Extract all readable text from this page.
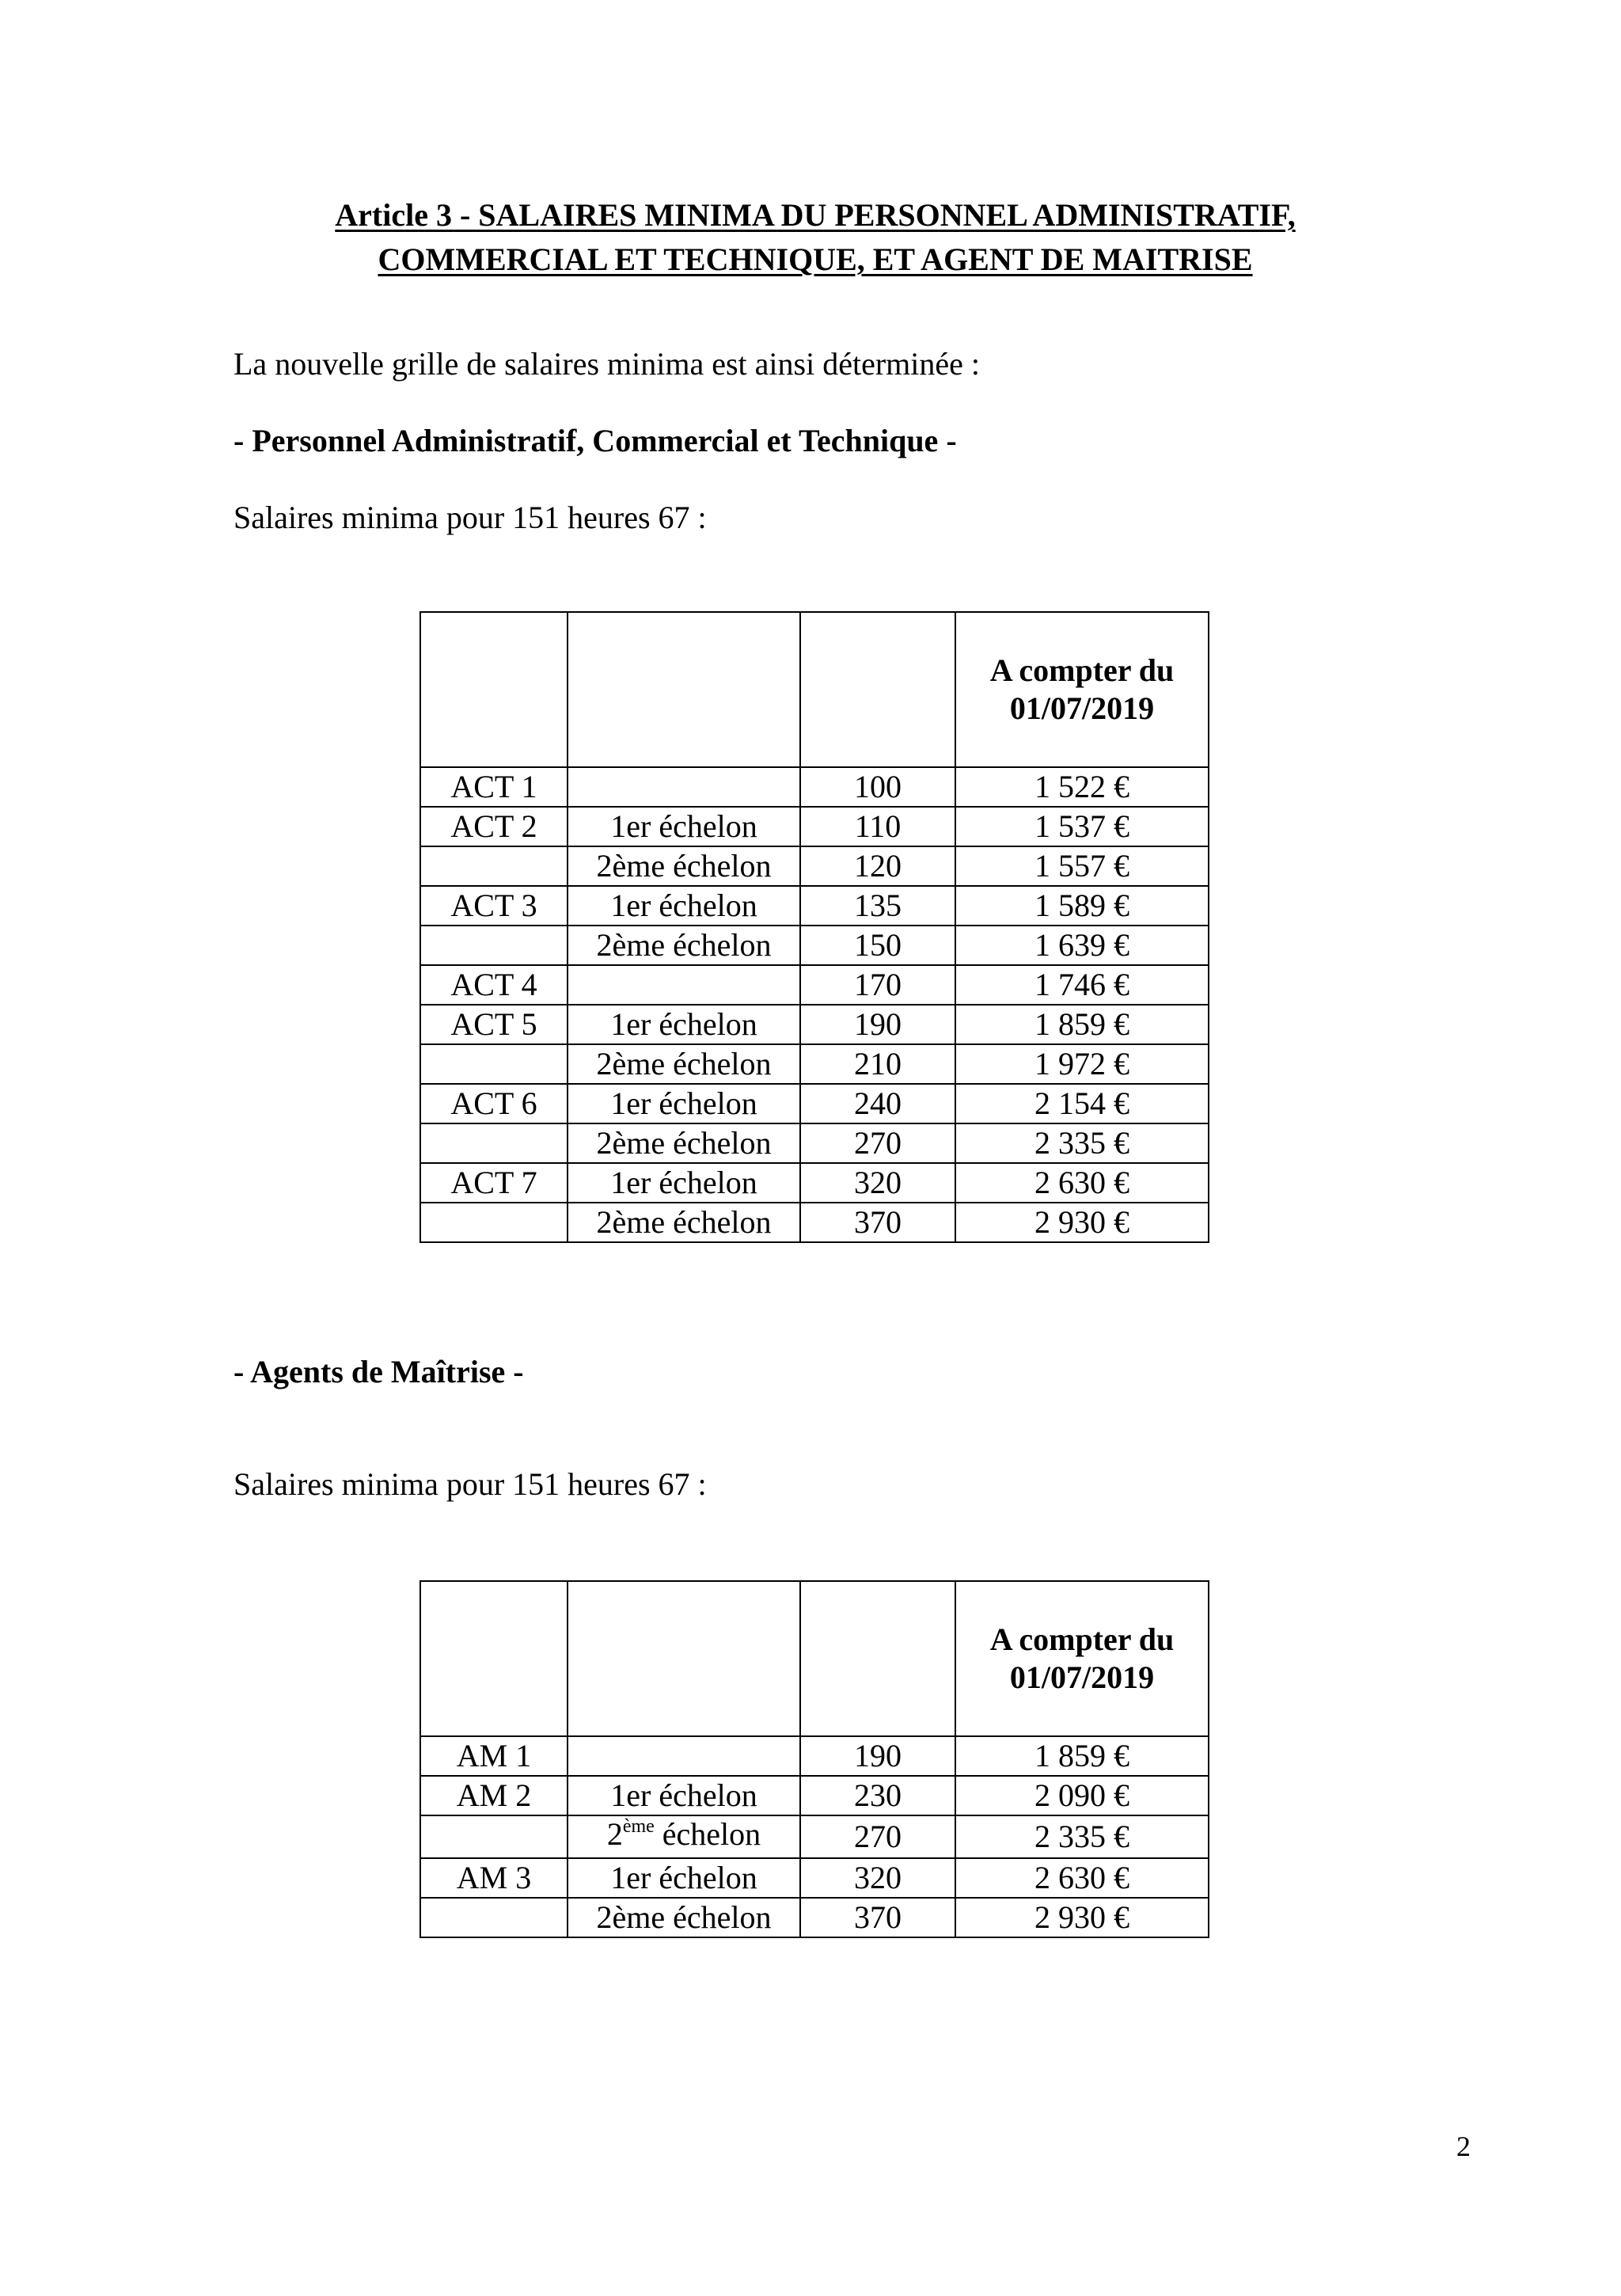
Article 3 - SALAIRES MINIMA DU PERSONNEL ADMINISTRATIF,
COMMERCIAL ET TECHNIQUE, ET AGENT DE MAITRISE
La nouvelle grille de salaires minima est ainsi déterminée :
- Personnel Administratif, Commercial et Technique -
Salaires minima pour 151 heures 67 :
			A compter du
01/07/2019
ACT 1		100	1 522 €
ACT 2	1er échelon	110	1 537 €
	2ème échelon	120	1 557 €
ACT 3	1er échelon	135	1 589 €
	2ème échelon	150	1 639 €
ACT 4		170	1 746 €
ACT 5	1er échelon	190	1 859 €
	2ème échelon	210	1 972 €
ACT 6	1er échelon	240	2 154 €
	2ème échelon	270	2 335 €
ACT 7	1er échelon	320	2 630 €
	2ème échelon	370	2 930 €
- Agents de Maîtrise -
Salaires minima pour 151 heures 67 :
			A compter du
01/07/2019
AM 1		190	1 859 €
AM 2	1er échelon	230	2 090 €
	2ème échelon	270	2 335 €
AM 3	1er échelon	320	2 630 €
	2ème échelon	370	2 930 €
2
